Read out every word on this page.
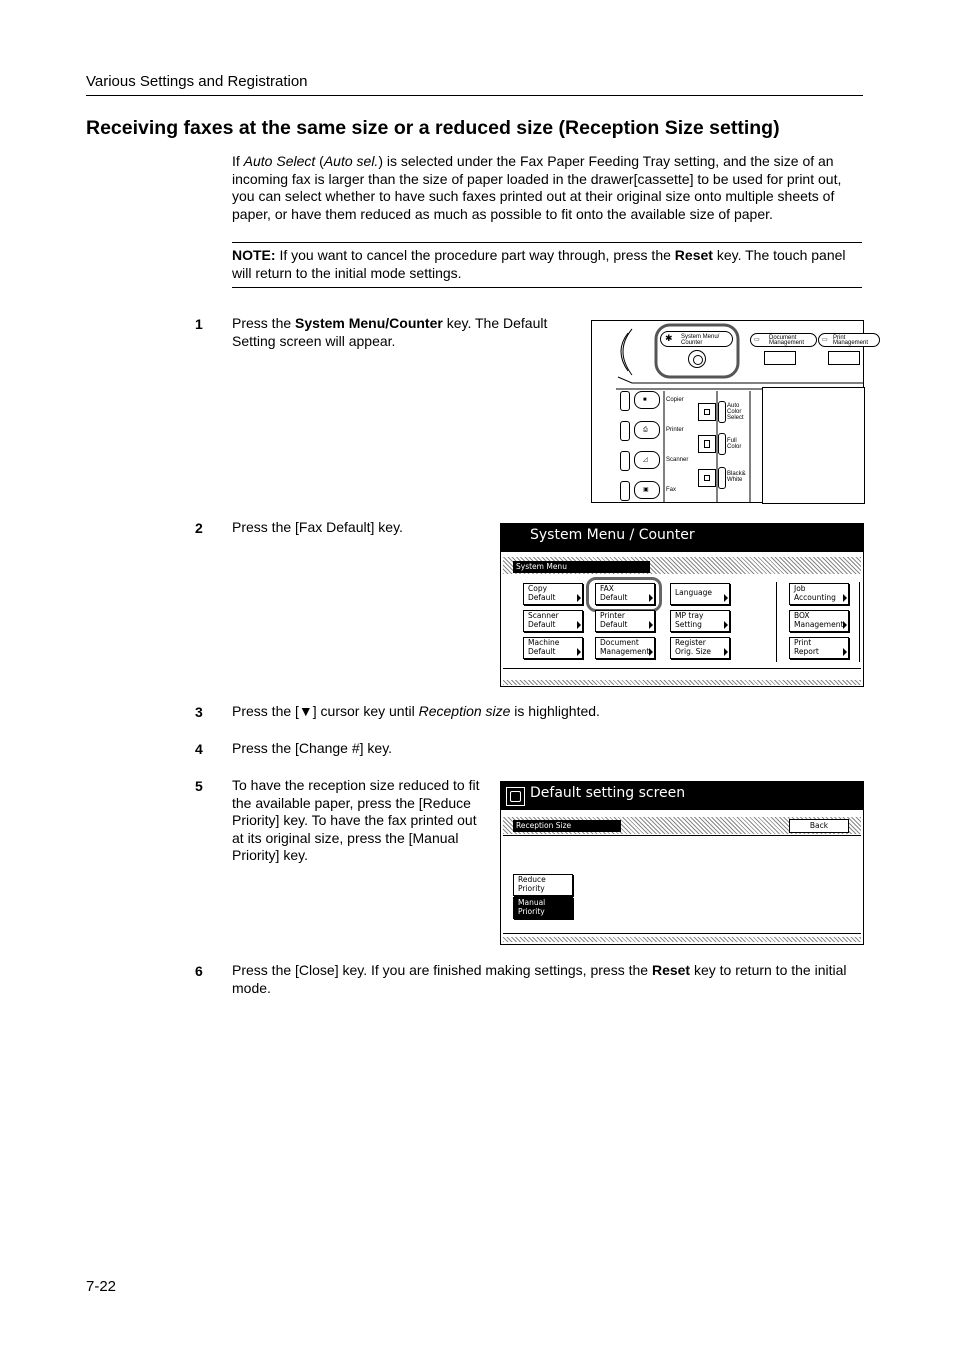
Various Settings and Registration
Receiving faxes at the same size or a reduced size (Reception Size setting)
If Auto Select (Auto sel.) is selected under the Fax Paper Feeding Tray setting, and the size of an incoming fax is larger than the size of paper loaded in the drawer[cassette] to be used for print out, you can select whether to have such faxes printed out at their original size onto multiple sheets of paper, or have them reduced as much as possible to fit onto the available size of paper.
NOTE: If you want to cancel the procedure part way through, press the Reset key. The touch panel will return to the initial mode settings.
1 Press the System Menu/Counter key. The Default Setting screen will appear.	✱ System Menu/
Counter	▭ Document
Management	▭ Print
Management
■	Copier
⎙	Printer
◿	Scanner
▣	Fax
Auto
Color
Select
Full
Color
Black&
White
2 Press the [Fax Default] key.	System Menu / Counter
System Menu
Copy
Default
FAX
Default
Language	Job
Accounting
Scanner
Default
Printer
Default
MP tray
Setting
BOX
Management
Machine
Default
Document
Management
Register
Orig. Size
Print
Report
3 Press the [▼] cursor key until Reception size is highlighted.
4 Press the [Change #] key.
5 To have the reception size reduced to fit the available paper, press the [Reduce Priority] key. To have the fax printed out at its original size, press the [Manual Priority] key.
Default setting screen
Reception Size	Back
Reduce
Priority
Manual
Priority
6 Press the [Close] key. If you are finished making settings, press the Reset key to return to the initial mode.
7-22
